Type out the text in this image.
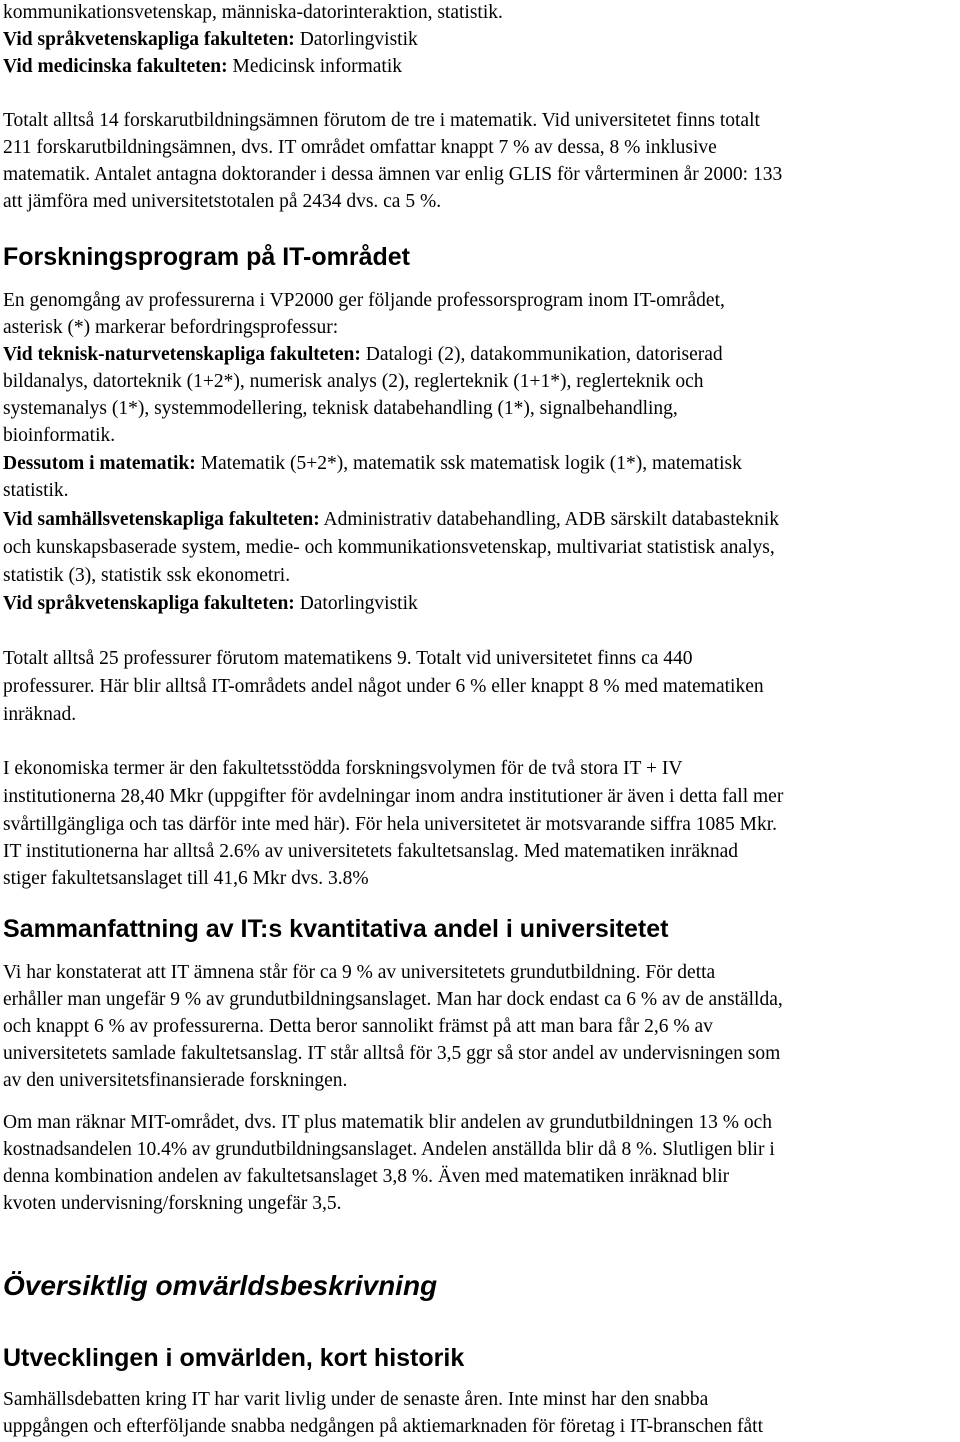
kommunikationsvetenskap, människa-datorinteraktion, statistik.
Vid språkvetenskapliga fakulteten: Datorlingvistik
Vid medicinska fakulteten: Medicinsk informatik
Totalt alltså 14 forskarutbildningsämnen förutom de tre i matematik. Vid universitetet finns totalt
211 forskarutbildningsämnen, dvs. IT området omfattar knappt 7 % av dessa, 8 % inklusive
matematik. Antalet antagna doktorander i dessa ämnen var enlig GLIS för vårterminen år 2000: 133
att jämföra med universitetstotalen på 2434 dvs. ca 5 %.
Forskningsprogram på IT-området
En genomgång av professurerna i VP2000 ger följande professorsprogram inom IT-området,
asterisk (*) markerar befordringsprofessur:
Vid teknisk-naturvetenskapliga fakulteten: Datalogi (2), datakommunikation, datoriserad
bildanalys, datorteknik (1+2*), numerisk analys (2), reglerteknik (1+1*), reglerteknik och
systemanalys (1*), systemmodellering, teknisk databehandling (1*), signalbehandling,
bioinformatik.
Dessutom i matematik: Matematik (5+2*), matematik ssk matematisk logik (1*), matematisk
statistik.
Vid samhällsvetenskapliga fakulteten: Administrativ databehandling, ADB särskilt databasteknik
och kunskapsbaserade system, medie- och kommunikationsvetenskap, multivariat statistisk analys,
statistik (3), statistik ssk ekonometri.
Vid språkvetenskapliga fakulteten: Datorlingvistik
Totalt alltså 25 professurer förutom matematikens 9. Totalt vid universitetet finns ca 440
professurer. Här blir alltså IT-områdets andel något under 6 % eller knappt 8 % med matematiken
inräknad.
I ekonomiska termer är den fakultetsstödda forskningsvolymen för de två stora IT + IV
institutionerna 28,40 Mkr (uppgifter för avdelningar inom andra institutioner är även i detta fall mer
svårtillgängliga och tas därför inte med här). För hela universitetet är motsvarande siffra 1085 Mkr.
IT institutionerna har alltså 2.6% av universitetets fakultetsanslag. Med matematiken inräknad
stiger fakultetsanslaget till 41,6 Mkr dvs. 3.8%
Sammanfattning av IT:s kvantitativa andel i universitetet
Vi har konstaterat att IT ämnena står för ca 9 % av universitetets grundutbildning. För detta
erhåller man ungefär 9 % av grundutbildningsanslaget. Man har dock endast ca 6 % av de anställda,
och knappt 6 % av professurerna. Detta beror sannolikt främst på att man bara får 2,6 % av
universitetets samlade fakultetsanslag. IT står alltså för 3,5 ggr så stor andel av undervisningen som
av den universitetsfinansierade forskningen.
Om man räknar MIT-området, dvs. IT plus matematik blir andelen av grundutbildningen 13 % och
kostnadsandelen 10.4% av grundutbildningsanslaget. Andelen anställda blir då 8 %. Slutligen blir i
denna kombination andelen av fakultetsanslaget 3,8 %. Även med matematiken inräknad blir
kvoten undervisning/forskning ungefär 3,5.
Översiktlig omvärldsbeskrivning
Utvecklingen i omvärlden, kort historik
Samhällsdebatten kring IT har varit livlig under de senaste åren. Inte minst har den snabba
uppgången och efterföljande snabba nedgången på aktiemarknaden för företag i IT-branschen fått
